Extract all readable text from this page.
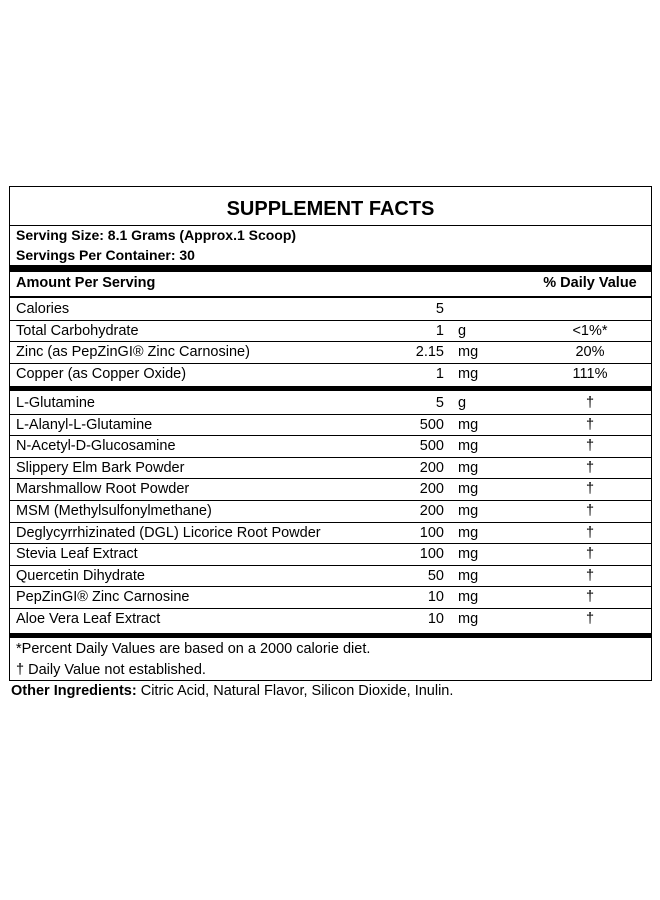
SUPPLEMENT FACTS
Serving Size: 8.1 Grams (Approx.1 Scoop)
Servings Per Container: 30
Amount Per Serving	% Daily Value
Calories	5
Total Carbohydrate	1 g	<1%*
Zinc (as PepZinGI® Zinc Carnosine)	2.15 mg	20%
Copper (as Copper Oxide)	1 mg	111%
L-Glutamine	5 g	†
L-Alanyl-L-Glutamine	500 mg	†
N-Acetyl-D-Glucosamine	500 mg	†
Slippery Elm Bark Powder	200 mg	†
Marshmallow Root Powder	200 mg	†
MSM (Methylsulfonylmethane)	200 mg	†
Deglycyrrhizinated (DGL) Licorice Root Powder	100 mg	†
Stevia Leaf Extract	100 mg	†
Quercetin Dihydrate	50 mg	†
PepZinGI® Zinc Carnosine	10 mg	†
Aloe Vera Leaf Extract	10 mg	†
*Percent Daily Values are based on a 2000 calorie diet.
† Daily Value not established.
Other Ingredients: Citric Acid, Natural Flavor, Silicon Dioxide, Inulin.
